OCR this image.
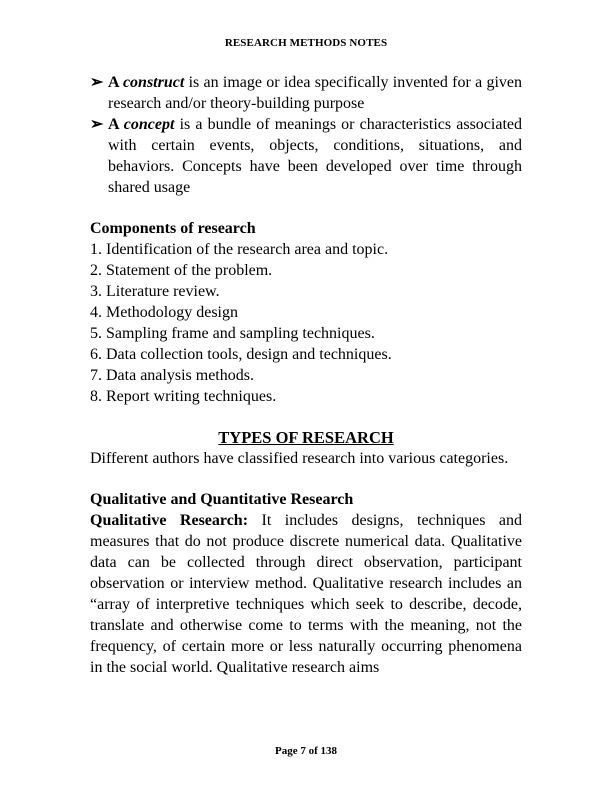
RESEARCH METHODS NOTES
➢ A construct is an image or idea specifically invented for a given research and/or theory-building purpose
➢ A concept is a bundle of meanings or characteristics associated with certain events, objects, conditions, situations, and behaviors. Concepts have been developed over time through shared usage
Components of research
1. Identification of the research area and topic.
2. Statement of the problem.
3. Literature review.
4. Methodology design
5. Sampling frame and sampling techniques.
6. Data collection tools, design and techniques.
7. Data analysis methods.
8. Report writing techniques.
TYPES OF RESEARCH
Different authors have classified research into various categories.
Qualitative and Quantitative Research
Qualitative Research: It includes designs, techniques and measures that do not produce discrete numerical data. Qualitative data can be collected through direct observation, participant observation or interview method. Qualitative research includes an “array of interpretive techniques which seek to describe, decode, translate and otherwise come to terms with the meaning, not the frequency, of certain more or less naturally occurring phenomena in the social world. Qualitative research aims
Page 7 of 138
